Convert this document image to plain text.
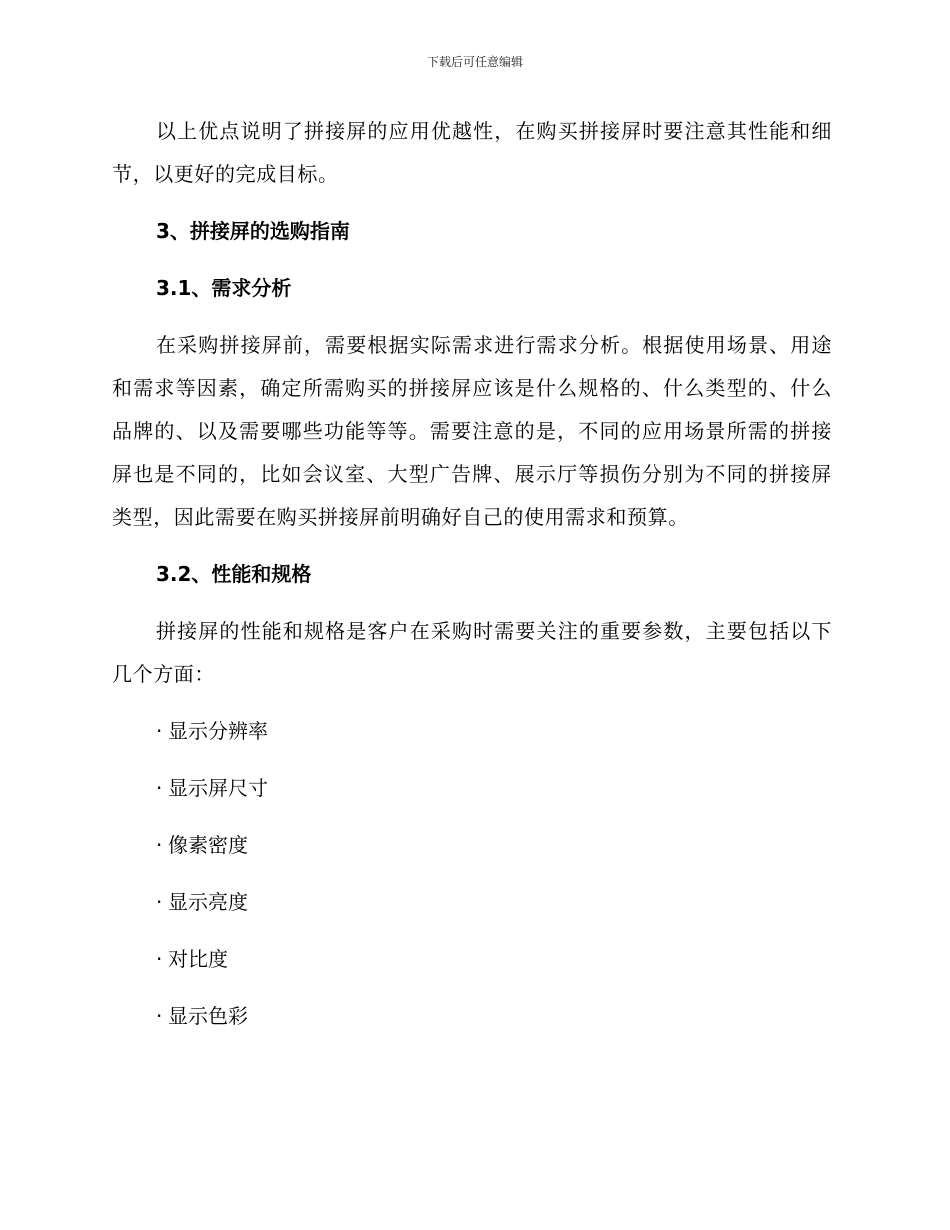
下载后可任意编辑

以上优点说明了拼接屏的应用优越性，在购买拼接屏时要注意其性能和细节，以更好的完成目标。

3、拼接屏的选购指南
3.1、需求分析

在采购拼接屏前，需要根据实际需求进行需求分析。根据使用场景、用途和需求等因素，确定所需购买的拼接屏应该是什么规格的、什么类型的、什么品牌的、以及需要哪些功能等等。需要注意的是，不同的应用场景所需的拼接屏也是不同的，比如会议室、大型广告牌、展示厅等损伤分别为不同的拼接屏类型，因此需要在购买拼接屏前明确好自己的使用需求和预算。

3.2、性能和规格

拼接屏的性能和规格是客户在采购时需要关注的重要参数，主要包括以下几个方面：

· 显示分辨率
· 显示屏尺寸
· 像素密度
· 显示亮度
· 对比度
· 显示色彩
